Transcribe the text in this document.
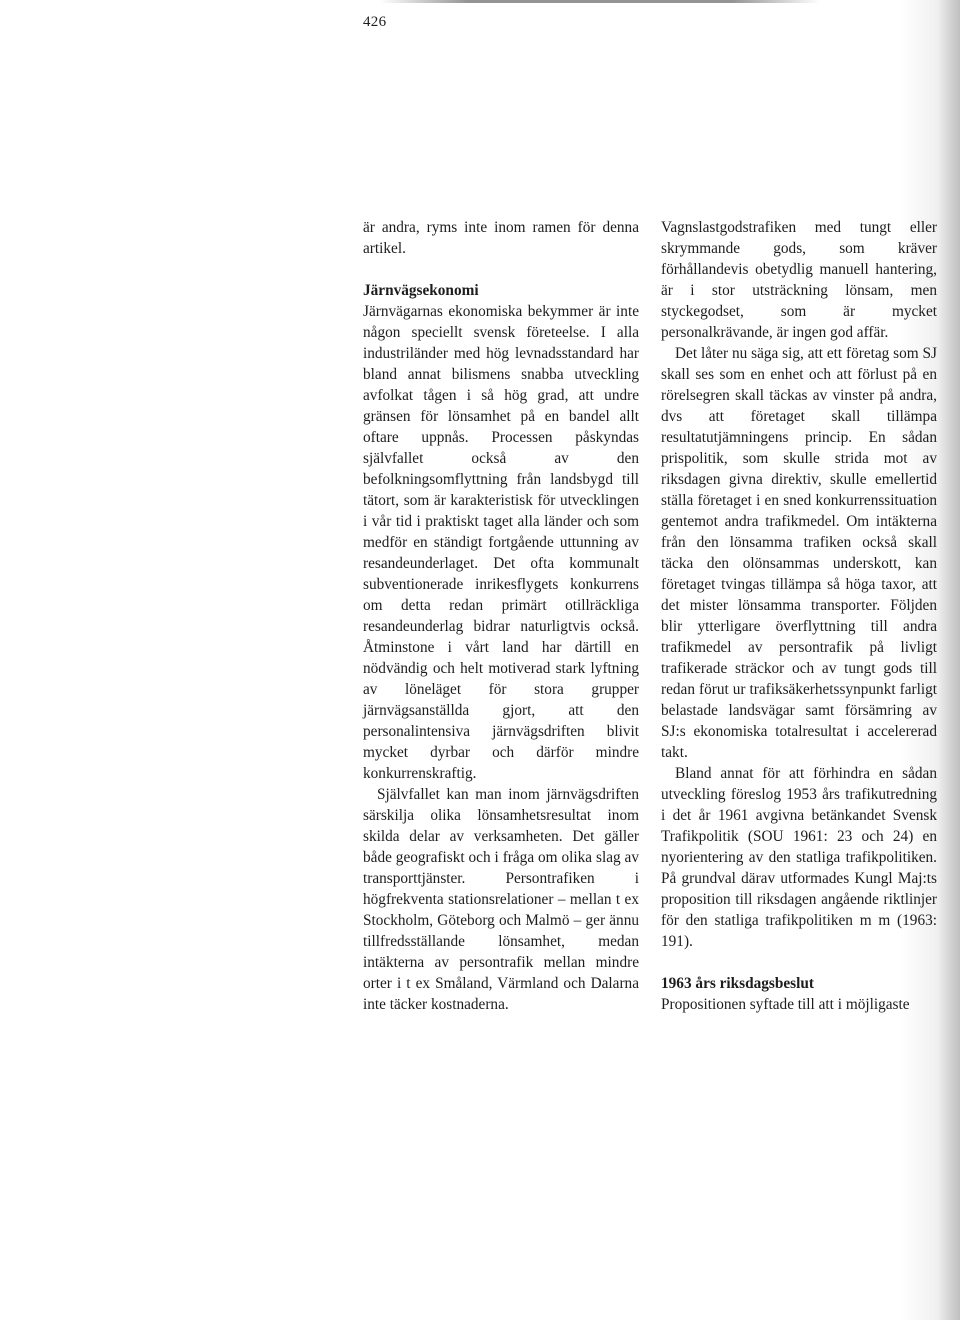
426

är andra, ryms inte inom ramen för denna artikel.

Järnvägsekonomi

Järnvägarnas ekonomiska bekymmer är inte någon speciellt svensk företeelse. I alla industriländer med hög levnadsstandard har bland annat bilismens snabba utveckling avfolkat tågen i så hög grad, att undre gränsen för lönsamhet på en bandel allt oftare uppnås. Processen påskyndas självfallet också av den befolkningsomflyttning från landsbygd till tätort, som är karakteristisk för utvecklingen i vår tid i praktiskt taget alla länder och som medför en ständigt fortgående uttunning av resandeunderlaget. Det ofta kommunalt subventionerade inrikesflygets konkurrens om detta redan primärt otillräckliga resandeunderlag bidrar naturligtvis också. Åtminstone i vårt land har därtill en nödvändig och helt motiverad stark lyftning av löneläget för stora grupper järnvägsanställda gjort, att den personalintensiva järnvägsdriften blivit mycket dyrbar och därför mindre konkurrenskraftig.

Självfallet kan man inom järnvägsdriften särskilja olika lönsamhetsresultat inom skilda delar av verksamheten. Det gäller både geografiskt och i fråga om olika slag av transporttjänster. Persontrafiken i högfrekventa stationsrelationer – mellan t ex Stockholm, Göteborg och Malmö – ger ännu tillfredsställande lönsamhet, medan intäkterna av persontrafik mellan mindre orter i t ex Småland, Värmland och Dalarna inte täcker kostnaderna.

Vagnslastgodstrafiken med tungt eller skrymmande gods, som kräver förhållandevis obetydlig manuell hantering, är i stor utsträckning lönsam, men styckegodset, som är mycket personalkrävande, är ingen god affär.

Det låter nu säga sig, att ett företag som SJ skall ses som en enhet och att förlust på en rörelsegren skall täckas av vinster på andra, dvs att företaget skall tillämpa resultatutjämningens princip. En sådan prispolitik, som skulle strida mot av riksdagen givna direktiv, skulle emellertid ställa företaget i en sned konkurrenssituation gentemot andra trafikmedel. Om intäkterna från den lönsamma trafiken också skall täcka den olönsammas underskott, kan företaget tvingas tillämpa så höga taxor, att det mister lönsamma transporter. Följden blir ytterligare överflyttning till andra trafikmedel av persontrafik på livligt trafikerade sträckor och av tungt gods till redan förut ur trafiksäkerhetssynpunkt farligt belastade landsvägar samt försämring av SJ:s ekonomiska totalresultat i accelererad takt.

Bland annat för att förhindra en sådan utveckling föreslog 1953 års trafikutredning i det år 1961 avgivna betänkandet Svensk Trafikpolitik (SOU 1961: 23 och 24) en nyorientering av den statliga trafikpolitiken. På grundval därav utformades Kungl Maj:ts proposition till riksdagen angående riktlinjer för den statliga trafikpolitiken m m (1963: 191).

1963 års riksdagsbeslut

Propositionen syftade till att i möjligaste
